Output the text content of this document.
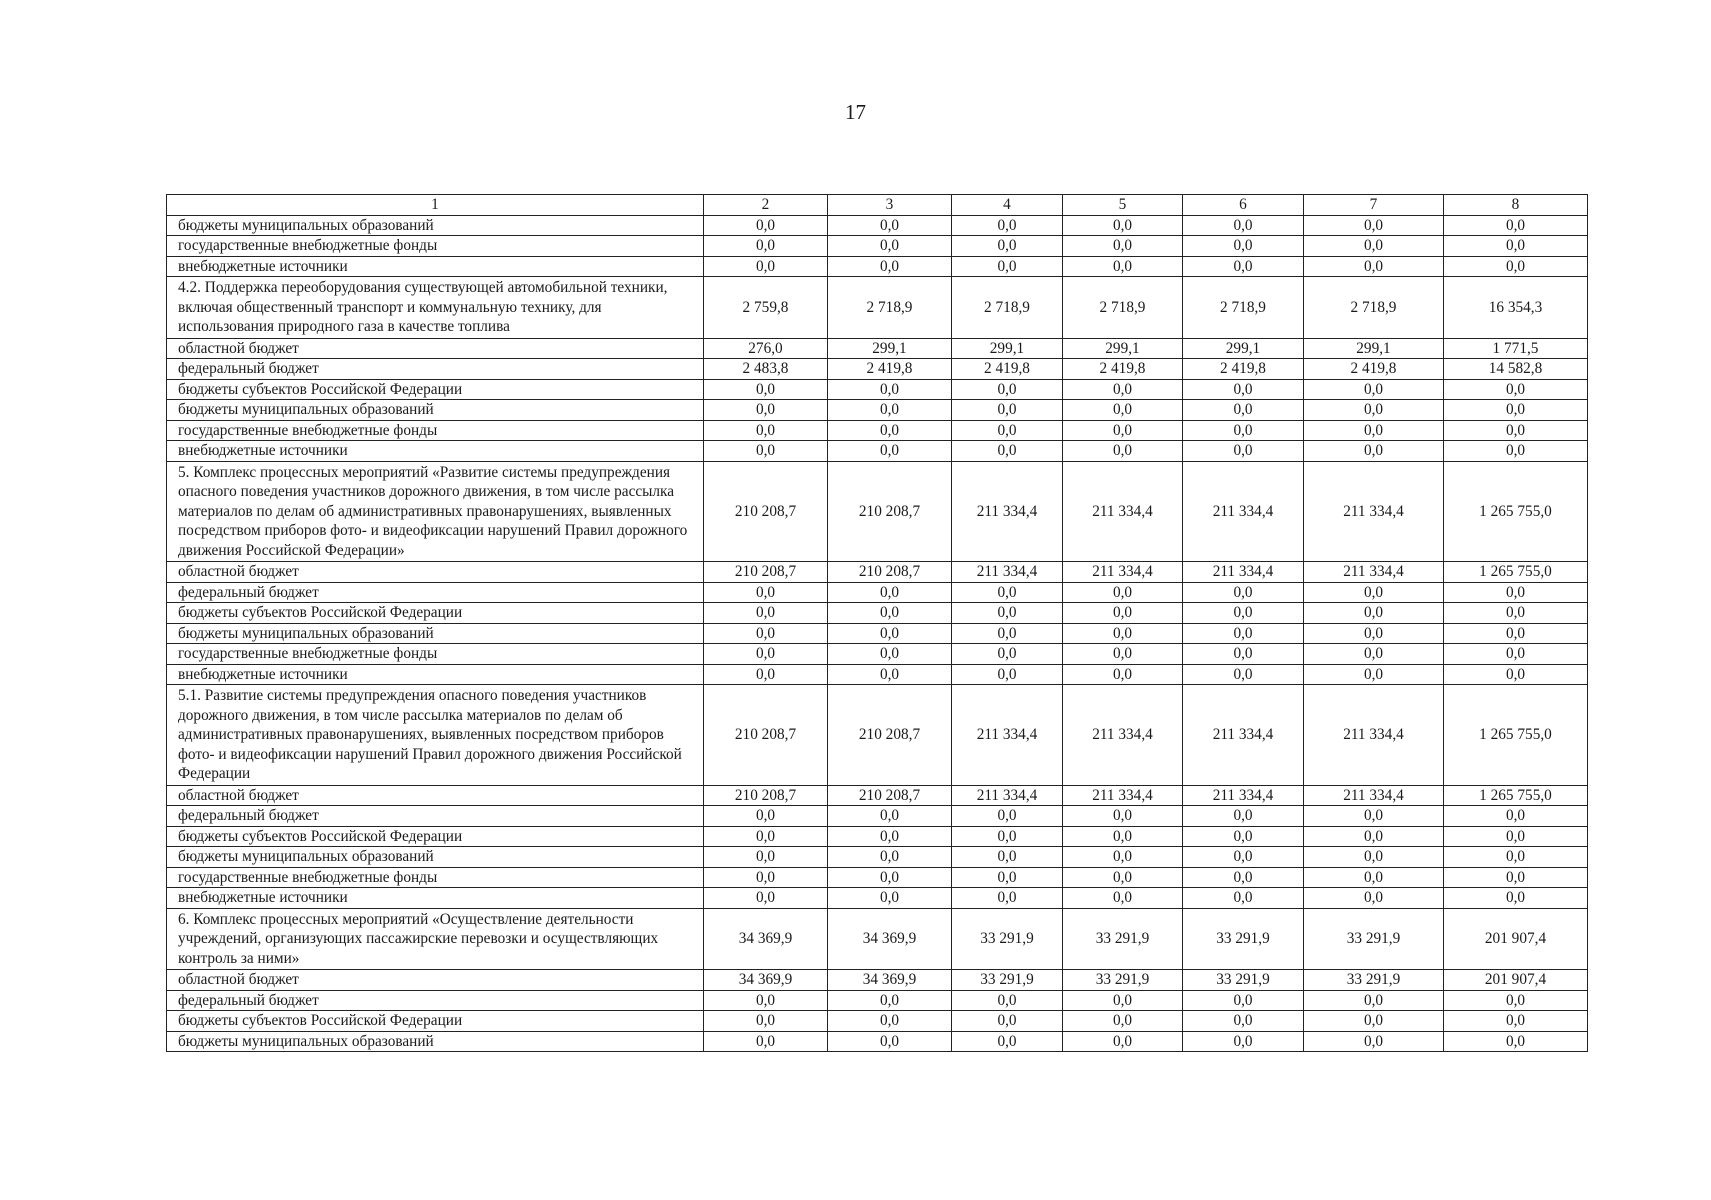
17
1	2	3	4	5	6	7	8
бюджеты муниципальных образований	0,0	0,0	0,0	0,0	0,0	0,0	0,0
государственные внебюджетные фонды	0,0	0,0	0,0	0,0	0,0	0,0	0,0
внебюджетные источники	0,0	0,0	0,0	0,0	0,0	0,0	0,0
4.2. Поддержка переоборудования существующей автомобильной техники, включая общественный транспорт и коммунальную технику, для использования природного газа в качестве топлива	2 759,8	2 718,9	2 718,9	2 718,9	2 718,9	2 718,9	16 354,3
областной бюджет	276,0	299,1	299,1	299,1	299,1	299,1	1 771,5
федеральный бюджет	2 483,8	2 419,8	2 419,8	2 419,8	2 419,8	2 419,8	14 582,8
бюджеты субъектов Российской Федерации	0,0	0,0	0,0	0,0	0,0	0,0	0,0
бюджеты муниципальных образований	0,0	0,0	0,0	0,0	0,0	0,0	0,0
государственные внебюджетные фонды	0,0	0,0	0,0	0,0	0,0	0,0	0,0
внебюджетные источники	0,0	0,0	0,0	0,0	0,0	0,0	0,0
5. Комплекс процессных мероприятий «Развитие системы предупреждения опасного поведения участников дорожного движения, в том числе рассылка материалов по делам об административных правонарушениях, выявленных посредством приборов фото- и видеофиксации нарушений Правил дорожного движения Российской Федерации»	210 208,7	210 208,7	211 334,4	211 334,4	211 334,4	211 334,4	1 265 755,0
областной бюджет	210 208,7	210 208,7	211 334,4	211 334,4	211 334,4	211 334,4	1 265 755,0
федеральный бюджет	0,0	0,0	0,0	0,0	0,0	0,0	0,0
бюджеты субъектов Российской Федерации	0,0	0,0	0,0	0,0	0,0	0,0	0,0
бюджеты муниципальных образований	0,0	0,0	0,0	0,0	0,0	0,0	0,0
государственные внебюджетные фонды	0,0	0,0	0,0	0,0	0,0	0,0	0,0
внебюджетные источники	0,0	0,0	0,0	0,0	0,0	0,0	0,0
5.1. Развитие системы предупреждения опасного поведения участников дорожного движения, в том числе рассылка материалов по делам об административных правонарушениях, выявленных посредством приборов фото- и видеофиксации нарушений Правил дорожного движения Российской Федерации	210 208,7	210 208,7	211 334,4	211 334,4	211 334,4	211 334,4	1 265 755,0
областной бюджет	210 208,7	210 208,7	211 334,4	211 334,4	211 334,4	211 334,4	1 265 755,0
федеральный бюджет	0,0	0,0	0,0	0,0	0,0	0,0	0,0
бюджеты субъектов Российской Федерации	0,0	0,0	0,0	0,0	0,0	0,0	0,0
бюджеты муниципальных образований	0,0	0,0	0,0	0,0	0,0	0,0	0,0
государственные внебюджетные фонды	0,0	0,0	0,0	0,0	0,0	0,0	0,0
внебюджетные источники	0,0	0,0	0,0	0,0	0,0	0,0	0,0
6. Комплекс процессных мероприятий «Осуществление деятельности учреждений, организующих пассажирские перевозки и осуществляющих контроль за ними»	34 369,9	34 369,9	33 291,9	33 291,9	33 291,9	33 291,9	201 907,4
областной бюджет	34 369,9	34 369,9	33 291,9	33 291,9	33 291,9	33 291,9	201 907,4
федеральный бюджет	0,0	0,0	0,0	0,0	0,0	0,0	0,0
бюджеты субъектов Российской Федерации	0,0	0,0	0,0	0,0	0,0	0,0	0,0
бюджеты муниципальных образований	0,0	0,0	0,0	0,0	0,0	0,0	0,0
